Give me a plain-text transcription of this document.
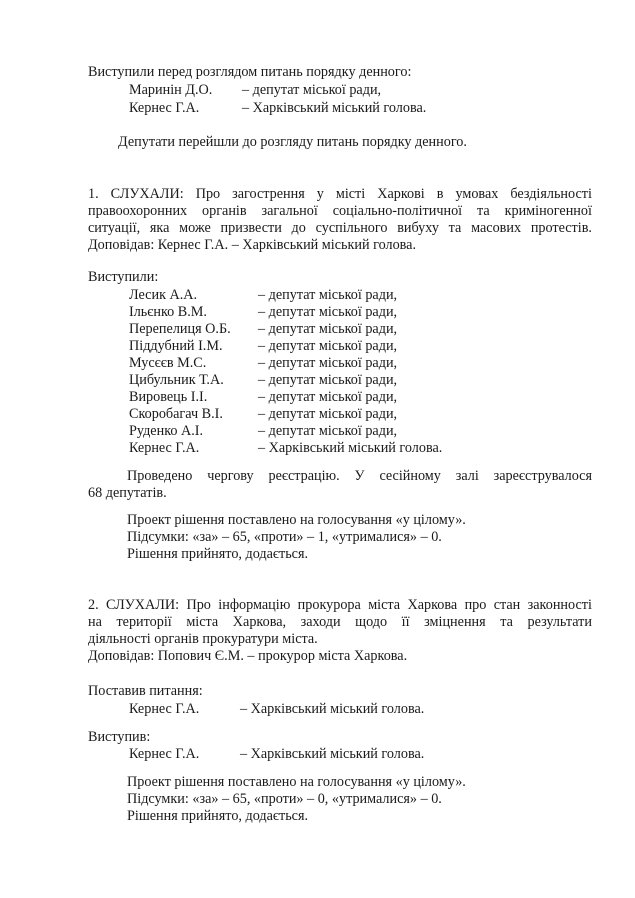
Виступили перед розглядом питань порядку денного:
Маринін Д.О. – депутат міської ради,
Кернес Г.А.	– Харківський міський голова.
Депутати перейшли до розгляду питань порядку денного.
1. СЛУХАЛИ: Про загострення у місті Харкові в умовах бездіяльності
правоохоронних органів загальної соціально-політичної та криміногенної
ситуації, яка може призвести до суспільного вибуху та масових протестів.
Доповідав: Кернес Г.А. – Харківський міський голова.
Виступили:
Лесик А.А.	– депутат міської ради,
Ільєнко В.М.	– депутат міської ради,
Перепелиця О.Б. – депутат міської ради,
Піддубний І.М. – депутат міської ради,
Мусєєв М.С.	– депутат міської ради,
Цибульник Т.А. – депутат міської ради,
Вировець І.І.	– депутат міської ради,
Скоробагач В.І. – депутат міської ради,
Руденко А.І.	– депутат міської ради,
Кернес Г.А.	– Харківський міський голова.
Проведено чергову реєстрацію. У сесійному залі зареєструвалося
68 депутатів.
Проект рішення поставлено на голосування «у цілому».
Підсумки: «за» – 65, «проти» – 1, «утрималися» – 0.
Рішення прийнято, додається.
2. СЛУХАЛИ: Про інформацію прокурора міста Харкова про стан законності
на території міста Харкова, заходи щодо її зміцнення та результати
діяльності органів прокуратури міста.
Доповідав: Попович Є.М. – прокурор міста Харкова.
Поставив питання:
Кернес Г.А.	– Харківський міський голова.
Виступив:
Кернес Г.А.	– Харківський міський голова.
Проект рішення поставлено на голосування «у цілому».
Підсумки: «за» – 65, «проти» – 0, «утрималися» – 0.
Рішення прийнято, додається.
